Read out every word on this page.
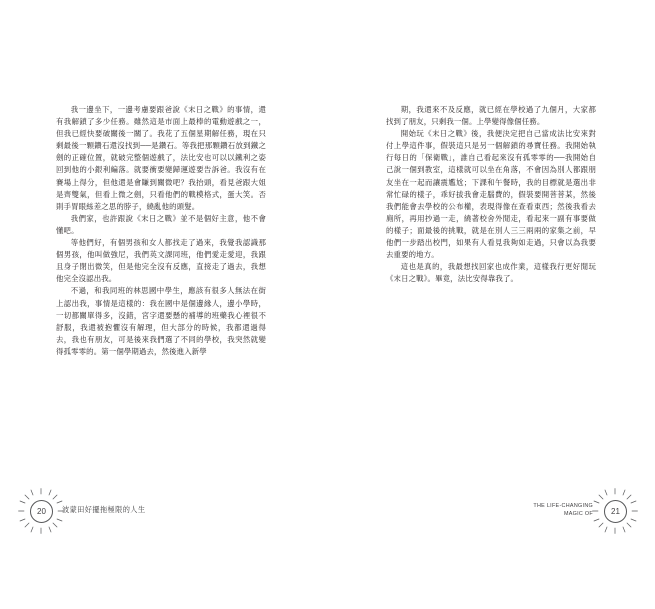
我一邊坐下，一邊考慮要跟爸說《末日之戰》的事情，還有我解鎖了多少任務。雖然這是市面上最棒的電動遊戲之一，但我已經快要破關後一關了。我花了五個星期解任務，現在只剩最後一顆鑽石還沒找到──是鑽石。等我把那顆鑽石放到鐵之劍的正確位置，就破完整個遊戲了，法比安也可以以鐵利之姿回到他的小銀利編落。就要衝要變歸運遊要告訴爸。我沒有在賽場上得分，但他還是會賺到關微吧？我抬頭，看見爸跟大姐是齊雙氣，但看上微之劍，只看他們的戰模格式，蛋大笑。否則手胃眼絲差之思的脖子，繞亂他的頭髮。

我們家，也許跟說《末日之戰》並不是個好主意，他不會懂吧。

等他們好，有個男孩和女人都找走了過來，我覺我認識那個男孩，他叫做強尼，我們英文課同班，他們愛走愛迎，我跟且身子閉出微笑，但是他完全沒有反應，直接走了過去，我想他完全沒認出我。

不過，和我同班的林思國中學生，應該有很多人無法在街上認出我，事情是這樣的：我在國中是個邊緣人，邊小學時，一切都關單得多，沒錯，宮字還要懸的補導的班藥我心裡很不舒服，我還被抱懼沒有解理，但大部分的時候，我都還過得去，我也有朋友，可是後來我們選了不同的學校，我突然就變得孤零零的。第一個學期過去，然後進入新學

20	波蒙田好擺拖極限的人生

期，我還來不及反應，就已經在學校過了九個月，大家都找到了朋友，只剩我一個。上學變得像個任務。

開始玩《末日之戰》後，我便決定把自己當成法比安來對付上學這件事，假裝這只是另一個解鎖的尋寶任務。我開始執行每日的「保衛戰」，誰自己看起來沒有孤零零的──我開始自己說一個到教室，這樣就可以坐在角落，不會因為別人都跟朋友坐在一起而讓震尷尬；下課和午餐時，我的目標就是選出非常忙碌的樣子，乖好拔我會走腦費的，假裝要開菩菩某，然後我們能會去學校的公布權，表現得像在查看東西；然後我看去廁所，再用抄過一走，繞著校舍外閒走，看起來一副有事要做的樣子；面最後的挑戰，就是在別人三三兩兩的家集之前，早他們一步踏出校門，如果有人看見我夠如走過，只會以為我要去重要的地方。

這也是真的，我最想找回家也成作業，這樣我行更好閒玩《末日之戰》。畢竟，法比安得靠我了。

THE LIFE-CHANGING
MAGIC OF	21
